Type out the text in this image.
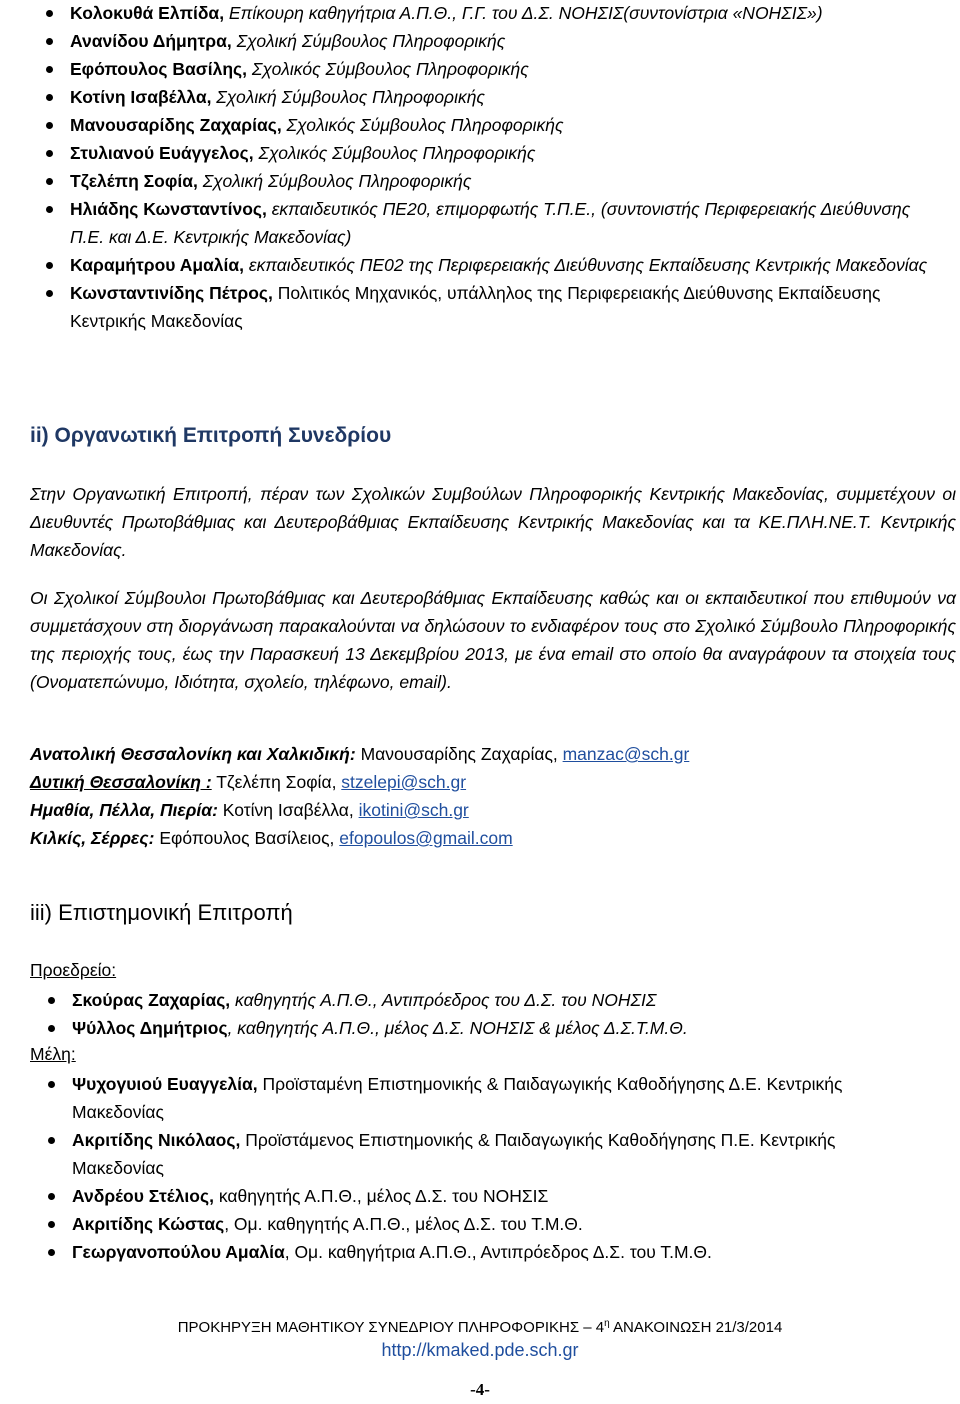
Κολοκυθά Ελπίδα, Επίκουρη καθηγήτρια Α.Π.Θ., Γ.Γ. του Δ.Σ. ΝΟΗΣΙΣ(συντονίστρια «ΝΟΗΣΙΣ»)
Ανανίδου Δήμητρα, Σχολική Σύμβουλος Πληροφορικής
Εφόπουλος Βασίλης, Σχολικός Σύμβουλος Πληροφορικής
Κοτίνη Ισαβέλλα, Σχολική Σύμβουλος Πληροφορικής
Μανουσαρίδης Ζαχαρίας, Σχολικός Σύμβουλος Πληροφορικής
Στυλιανού Ευάγγελος, Σχολικός Σύμβουλος Πληροφορικής
Τζελέπη Σοφία, Σχολική Σύμβουλος Πληροφορικής
Ηλιάδης Κωνσταντίνος, εκπαιδευτικός ΠΕ20, επιμορφωτής Τ.Π.Ε., (συντονιστής Περιφερειακής Διεύθυνσης Π.Ε. και Δ.Ε. Κεντρικής Μακεδονίας)
Καραμήτρου Αμαλία, εκπαιδευτικός ΠΕ02 της Περιφερειακής Διεύθυνσης Εκπαίδευσης Κεντρικής Μακεδονίας
Κωνσταντινίδης Πέτρος, Πολιτικός Μηχανικός, υπάλληλος της Περιφερειακής Διεύθυνσης Εκπαίδευσης Κεντρικής Μακεδονίας
ii) Οργανωτική Επιτροπή Συνεδρίου
Στην Οργανωτική Επιτροπή, πέραν των Σχολικών Συμβούλων Πληροφορικής Κεντρικής Μακεδονίας, συμμετέχουν οι Διευθυντές Πρωτοβάθμιας και Δευτεροβάθμιας Εκπαίδευσης Κεντρικής Μακεδονίας και τα ΚΕ.ΠΛΗ.ΝΕ.Τ. Κεντρικής Μακεδονίας.
Οι Σχολικοί Σύμβουλοι Πρωτοβάθμιας και Δευτεροβάθμιας Εκπαίδευσης καθώς και οι εκπαιδευτικοί που επιθυμούν να συμμετάσχουν στη διοργάνωση παρακαλούνται να δηλώσουν το ενδιαφέρον τους στο Σχολικό Σύμβουλο Πληροφορικής της περιοχής τους, έως την Παρασκευή 13 Δεκεμβρίου 2013, με ένα email στο οποίο θα αναγράφουν τα στοιχεία τους (Ονοματεπώνυμο, Ιδιότητα, σχολείο, τηλέφωνο, email).
Ανατολική Θεσσαλονίκη και Χαλκιδική: Μανουσαρίδης Ζαχαρίας, manzac@sch.gr
Δυτική Θεσσαλονίκη : Τζελέπη Σοφία, stzelepi@sch.gr
Ημαθία, Πέλλα, Πιερία: Κοτίνη Ισαβέλλα, ikotini@sch.gr
Κιλκίς, Σέρρες: Εφόπουλος Βασίλειος, efopoulos@gmail.com
iii) Επιστημονική Επιτροπή
Προεδρείο:
Σκούρας Ζαχαρίας, καθηγητής Α.Π.Θ., Αντιπρόεδρος του Δ.Σ. του ΝΟΗΣΙΣ
Ψύλλος Δημήτριος, καθηγητής Α.Π.Θ., μέλος Δ.Σ. ΝΟΗΣΙΣ & μέλος Δ.Σ.Τ.Μ.Θ.
Μέλη:
Ψυχογυιού Ευαγγελία, Προϊσταμένη Επιστημονικής & Παιδαγωγικής Καθοδήγησης Δ.Ε. Κεντρικής Μακεδονίας
Ακριτίδης Νικόλαος, Προϊστάμενος Επιστημονικής & Παιδαγωγικής Καθοδήγησης Π.Ε. Κεντρικής Μακεδονίας
Ανδρέου Στέλιος, καθηγητής Α.Π.Θ., μέλος Δ.Σ. του ΝΟΗΣΙΣ
Ακριτίδης Κώστας, Ομ. καθηγητής Α.Π.Θ., μέλος Δ.Σ. του Τ.Μ.Θ.
Γεωργανοπούλου Αμαλία, Ομ. καθηγήτρια Α.Π.Θ., Αντιπρόεδρος Δ.Σ. του Τ.Μ.Θ.
ΠΡΟΚΗΡΥΞΗ ΜΑΘΗΤΙΚΟΥ ΣΥΝΕΔΡΙΟΥ ΠΛΗΡΟΦΟΡΙΚΗΣ – $4^\eta$ ΑΝΑΚΟΙΝΩΣΗ 21/3/2014
http://kmaked.pde.sch.gr
-4-
